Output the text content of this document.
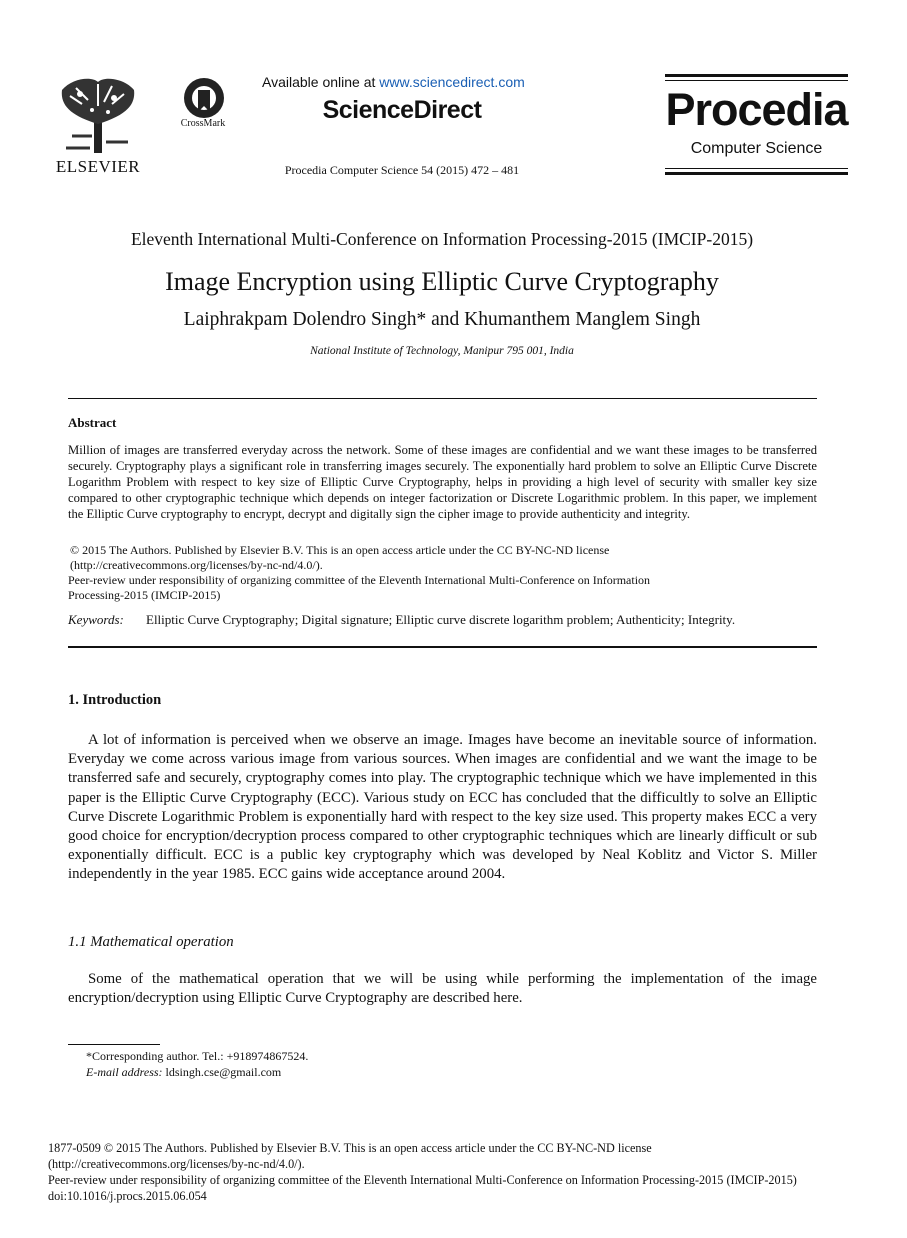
ELSEVIER
CrossMark
Available online at www.sciencedirect.com
ScienceDirect
Procedia Computer Science 54 (2015) 472 – 481
Procedia
Computer Science
Eleventh International Multi-Conference on Information Processing-2015 (IMCIP-2015)
Image Encryption using Elliptic Curve Cryptography
Laiphrakpam Dolendro Singh* and Khumanthem Manglem Singh
National Institute of Technology, Manipur 795 001, India
Abstract
Million of images are transferred everyday across the network. Some of these images are confidential and we want these images to be transferred securely. Cryptography plays a significant role in transferring images securely. The exponentially hard problem to solve an Elliptic Curve Discrete Logarithm Problem with respect to key size of Elliptic Curve Cryptography, helps in providing a high level of security with smaller key size compared to other cryptographic technique which depends on integer factorization or Discrete Logarithmic problem. In this paper, we implement the Elliptic Curve cryptography to encrypt, decrypt and digitally sign the cipher image to provide authenticity and integrity.
© 2015 The Authors. Published by Elsevier B.V. This is an open access article under the CC BY-NC-ND license
(http://creativecommons.org/licenses/by-nc-nd/4.0/).
Peer-review under responsibility of organizing committee of the Eleventh International Multi-Conference on Information
Processing-2015 (IMCIP-2015)
Keywords: Elliptic Curve Cryptography; Digital signature; Elliptic curve discrete logarithm problem; Authenticity; Integrity.
1. Introduction
A lot of information is perceived when we observe an image. Images have become an inevitable source of information. Everyday we come across various image from various sources. When images are confidential and we want the image to be transferred safe and securely, cryptography comes into play. The cryptographic technique which we have implemented in this paper is the Elliptic Curve Cryptography (ECC). Various study on ECC has concluded that the difficultly to solve an Elliptic Curve Discrete Logarithmic Problem is exponentially hard with respect to the key size used. This property makes ECC a very good choice for encryption/decryption process compared to other cryptographic techniques which are linearly difficult or sub exponentially difficult. ECC is a public key cryptography which was developed by Neal Koblitz and Victor S. Miller independently in the year 1985. ECC gains wide acceptance around 2004.
1.1 Mathematical operation
Some of the mathematical operation that we will be using while performing the implementation of the image encryption/decryption using Elliptic Curve Cryptography are described here.
*Corresponding author. Tel.: +918974867524.
E-mail address: ldsingh.cse@gmail.com
1877-0509 © 2015 The Authors. Published by Elsevier B.V. This is an open access article under the CC BY-NC-ND license
(http://creativecommons.org/licenses/by-nc-nd/4.0/).
Peer-review under responsibility of organizing committee of the Eleventh International Multi-Conference on Information Processing-2015 (IMCIP-2015)
doi:10.1016/j.procs.2015.06.054
